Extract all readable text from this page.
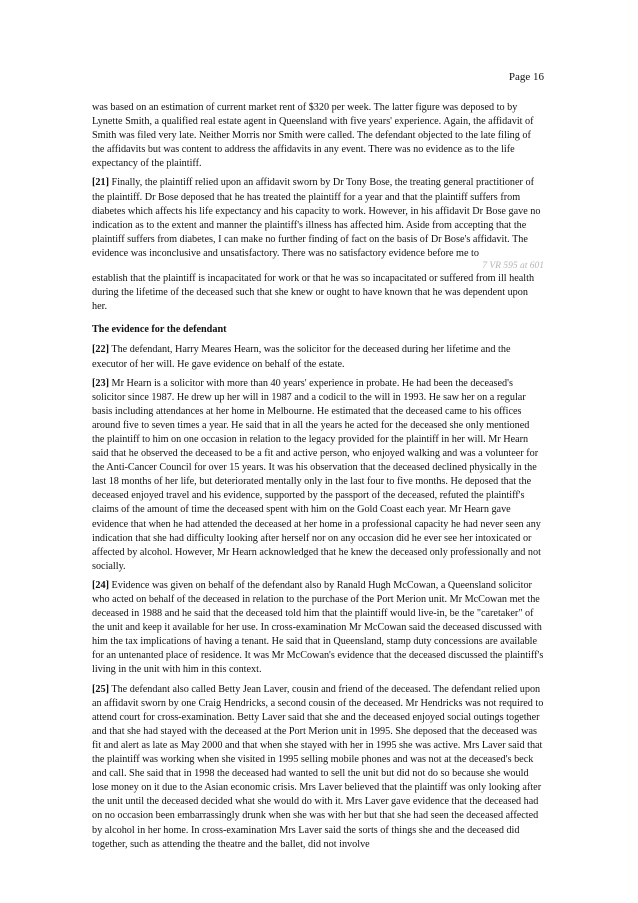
Page 16

was based on an estimation of current market rent of $320 per week. The latter figure was deposed to by Lynette Smith, a qualified real estate agent in Queensland with five years' experience. Again, the affidavit of Smith was filed very late. Neither Morris nor Smith were called. The defendant objected to the late filing of the affidavits but was content to address the affidavits in any event. There was no evidence as to the life expectancy of the plaintiff.

[21] Finally, the plaintiff relied upon an affidavit sworn by Dr Tony Bose, the treating general practitioner of the plaintiff. Dr Bose deposed that he has treated the plaintiff for a year and that the plaintiff suffers from diabetes which affects his life expectancy and his capacity to work. However, in his affidavit Dr Bose gave no indication as to the extent and manner the plaintiff's illness has affected him. Aside from accepting that the plaintiff suffers from diabetes, I can make no further finding of fact on the basis of Dr Bose's affidavit. The evidence was inconclusive and unsatisfactory. There was no satisfactory evidence before me to

7 VR 595 at 601

establish that the plaintiff is incapacitated for work or that he was so incapacitated or suffered from ill health during the lifetime of the deceased such that she knew or ought to have known that he was dependent upon her.

The evidence for the defendant

[22] The defendant, Harry Meares Hearn, was the solicitor for the deceased during her lifetime and the executor of her will. He gave evidence on behalf of the estate.

[23] Mr Hearn is a solicitor with more than 40 years' experience in probate. He had been the deceased's solicitor since 1987. He drew up her will in 1987 and a codicil to the will in 1993. He saw her on a regular basis including attendances at her home in Melbourne. He estimated that the deceased came to his offices around five to seven times a year. He said that in all the years he acted for the deceased she only mentioned the plaintiff to him on one occasion in relation to the legacy provided for the plaintiff in her will. Mr Hearn said that he observed the deceased to be a fit and active person, who enjoyed walking and was a volunteer for the Anti-Cancer Council for over 15 years. It was his observation that the deceased declined physically in the last 18 months of her life, but deteriorated mentally only in the last four to five months. He deposed that the deceased enjoyed travel and his evidence, supported by the passport of the deceased, refuted the plaintiff's claims of the amount of time the deceased spent with him on the Gold Coast each year. Mr Hearn gave evidence that when he had attended the deceased at her home in a professional capacity he had never seen any indication that she had difficulty looking after herself nor on any occasion did he ever see her intoxicated or affected by alcohol. However, Mr Hearn acknowledged that he knew the deceased only professionally and not socially.

[24] Evidence was given on behalf of the defendant also by Ranald Hugh McCowan, a Queensland solicitor who acted on behalf of the deceased in relation to the purchase of the Port Merion unit. Mr McCowan met the deceased in 1988 and he said that the deceased told him that the plaintiff would live-in, be the "caretaker" of the unit and keep it available for her use. In cross-examination Mr McCowan said the deceased discussed with him the tax implications of having a tenant. He said that in Queensland, stamp duty concessions are available for an untenanted place of residence. It was Mr McCowan's evidence that the deceased discussed the plaintiff's living in the unit with him in this context.

[25] The defendant also called Betty Jean Laver, cousin and friend of the deceased. The defendant relied upon an affidavit sworn by one Craig Hendricks, a second cousin of the deceased. Mr Hendricks was not required to attend court for cross-examination. Betty Laver said that she and the deceased enjoyed social outings together and that she had stayed with the deceased at the Port Merion unit in 1995. She deposed that the deceased was fit and alert as late as May 2000 and that when she stayed with her in 1995 she was active. Mrs Laver said that the plaintiff was working when she visited in 1995 selling mobile phones and was not at the deceased's beck and call. She said that in 1998 the deceased had wanted to sell the unit but did not do so because she would lose money on it due to the Asian economic crisis. Mrs Laver believed that the plaintiff was only looking after the unit until the deceased decided what she would do with it. Mrs Laver gave evidence that the deceased had on no occasion been embarrassingly drunk when she was with her but that she had seen the deceased affected by alcohol in her home. In cross-examination Mrs Laver said the sorts of things she and the deceased did together, such as attending the theatre and the ballet, did not involve
